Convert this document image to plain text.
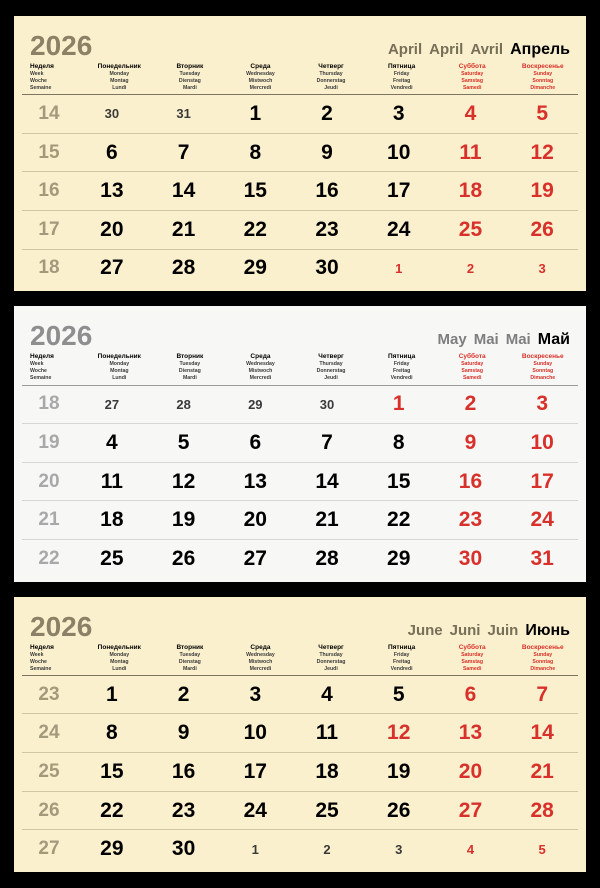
2026	April April Avril Апрель
Неделя
Week
Woche
Semaine
Понедельник
Monday
Montag
Lundi
Вторник
Tuesday
Dienstag
Mardi
Среда
Wednesday
Mistwoch
Mercredi
Четверг
Thursday
Donnerstag
Jeudi
Пятница
Friday
Freitag
Vendredi
Суббота
Saturday
Samstag
Samedi
Воскресенье
Sunday
Sonntag
Dimanche
14	30	31	1	2	3	4	5
15	6	7	8	9	10	11	12
16	13	14	15	16	17	18	19
17	20	21	22	23	24	25	26
18	27	28	29	30	1	2	3
2026	May Mai Mai Май
Неделя
Week
Woche
Semaine
Понедельник
Monday
Montag
Lundi
Вторник
Tuesday
Dienstag
Mardi
Среда
Wednesday
Mistwoch
Mercredi
Четверг
Thursday
Donnerstag
Jeudi
Пятница
Friday
Freitag
Vendredi
Суббота
Saturday
Samstag
Samedi
Воскресенье
Sunday
Sonntag
Dimanche
18	27	28	29	30	1	2	3
19	4	5	6	7	8	9	10
20	11	12	13	14	15	16	17
21	18	19	20	21	22	23	24
22	25	26	27	28	29	30	31
2026	June Juni Juin Июнь
Неделя
Week
Woche
Semaine
Понедельник
Monday
Montag
Lundi
Вторник
Tuesday
Dienstag
Mardi
Среда
Wednesday
Mistwoch
Mercredi
Четверг
Thursday
Donnerstag
Jeudi
Пятница
Friday
Freitag
Vendredi
Суббота
Saturday
Samstag
Samedi
Воскресенье
Sunday
Sonntag
Dimanche
23	1	2	3	4	5	6	7
24	8	9	10	11	12	13	14
25	15	16	17	18	19	20	21
26	22	23	24	25	26	27	28
27	29	30	1	2	3	4	5
